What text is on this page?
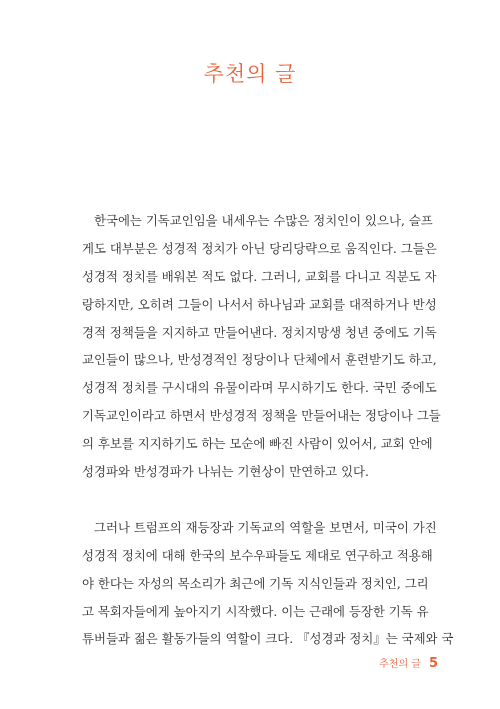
추천의 글

한국에는 기독교인임을 내세우는 수많은 정치인이 있으나, 슬프
게도 대부분은 성경적 정치가 아닌 당리당략으로 움직인다. 그들은
성경적 정치를 배워본 적도 없다. 그러니, 교회를 다니고 직분도 자
랑하지만, 오히려 그들이 나서서 하나님과 교회를 대적하거나 반성
경적 정책들을 지지하고 만들어낸다. 정치지망생 청년 중에도 기독
교인들이 많으나, 반성경적인 정당이나 단체에서 훈련받기도 하고,
성경적 정치를 구시대의 유물이라며 무시하기도 한다. 국민 중에도
기독교인이라고 하면서 반성경적 정책을 만들어내는 정당이나 그들
의 후보를 지지하기도 하는 모순에 빠진 사람이 있어서, 교회 안에
성경파와 반성경파가 나뉘는 기현상이 만연하고 있다.

그러나 트럼프의 재등장과 기독교의 역할을 보면서, 미국이 가진
성경적 정치에 대해 한국의 보수우파들도 제대로 연구하고 적용해
야 한다는 자성의 목소리가 최근에 기독 지식인들과 정치인, 그리
고 목회자들에게 높아지기 시작했다. 이는 근래에 등장한 기독 유
튜버들과 젊은 활동가들의 역할이 크다. 『성경과 정치』는 국제와 국

추천의 글 5
